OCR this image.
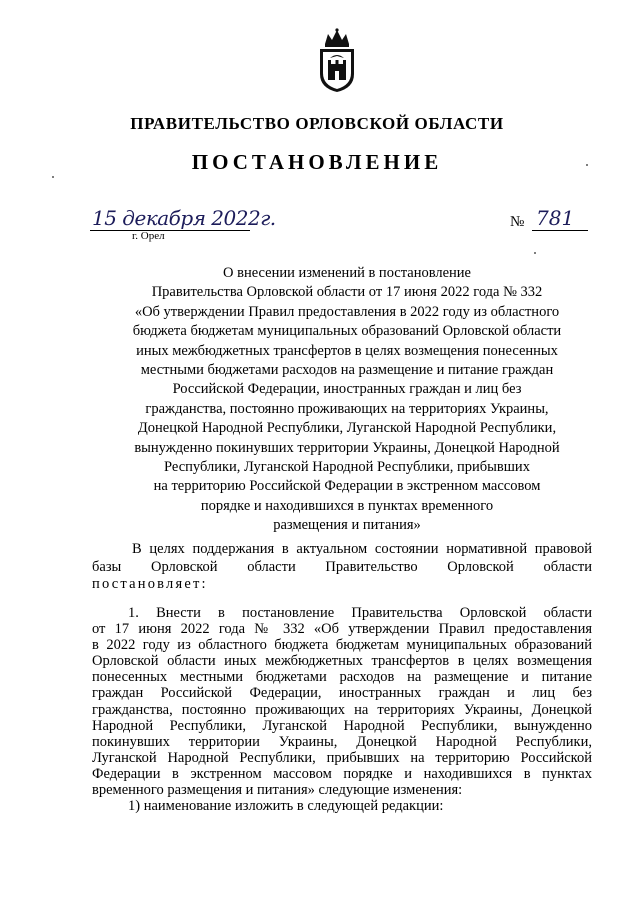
ПРАВИТЕЛЬСТВО ОРЛОВСКОЙ ОБЛАСТИ
ПОСТАНОВЛЕНИЕ
15 декабря 2022г.
г. Орел
№ 781
О внесении изменений в постановление
Правительства Орловской области от 17 июня 2022 года № 332
«Об утверждении Правил предоставления в 2022 году из областного
бюджета бюджетам муниципальных образований Орловской области
иных межбюджетных трансфертов в целях возмещения понесенных
местными бюджетами расходов на размещение и питание граждан
Российской Федерации, иностранных граждан и лиц без
гражданства, постоянно проживающих на территориях Украины,
Донецкой Народной Республики, Луганской Народной Республики,
вынужденно покинувших территории Украины, Донецкой Народной
Республики, Луганской Народной Республики, прибывших
на территорию Российской Федерации в экстренном массовом
порядке и находившихся в пунктах временного
размещения и питания»
В целях поддержания в актуальном состоянии нормативной правовой
базы Орловской области Правительство Орловской области
постановляет:
1. Внести в постановление Правительства Орловской области
от 17 июня 2022 года № 332 «Об утверждении Правил предоставления
в 2022 году из областного бюджета бюджетам муниципальных образований
Орловской области иных межбюджетных трансфертов в целях возмещения
понесенных местными бюджетами расходов на размещение и питание
граждан Российской Федерации, иностранных граждан и лиц без
гражданства, постоянно проживающих на территориях Украины, Донецкой
Народной Республики, Луганской Народной Республики, вынужденно
покинувших территории Украины, Донецкой Народной Республики,
Луганской Народной Республики, прибывших на территорию Российской
Федерации в экстренном массовом порядке и находившихся в пунктах
временного размещения и питания» следующие изменения:
1) наименование изложить в следующей редакции:
